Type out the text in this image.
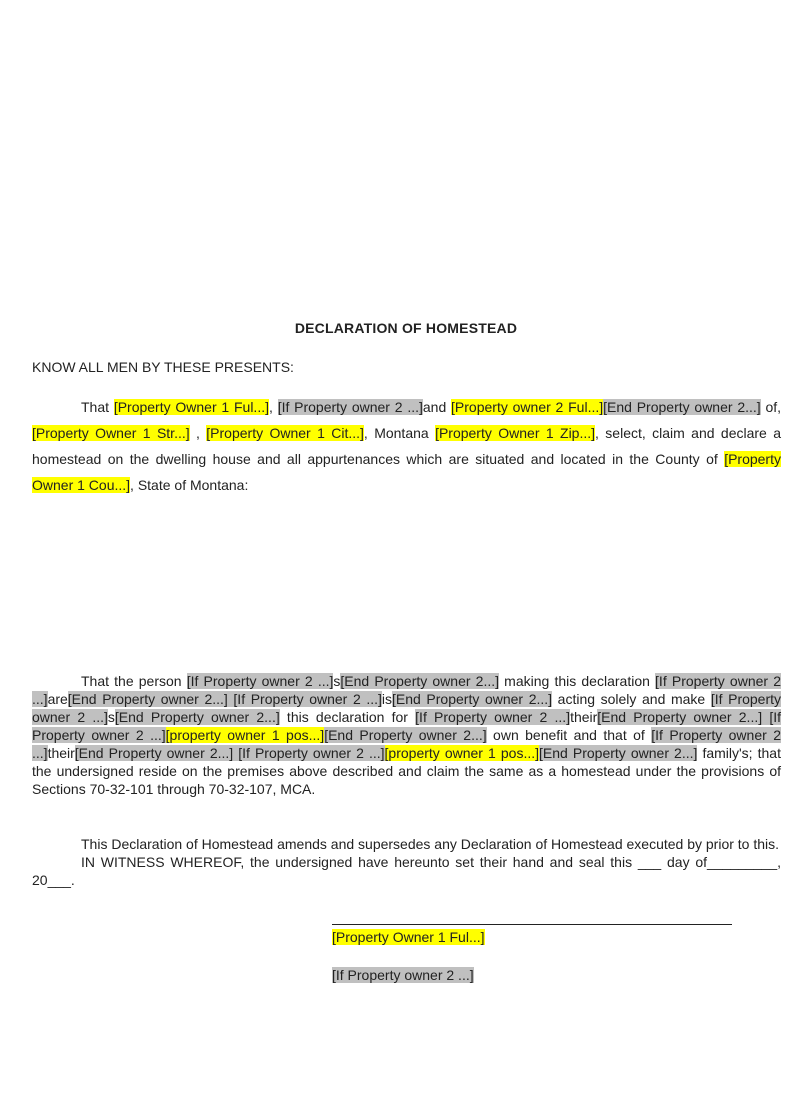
DECLARATION OF HOMESTEAD
KNOW ALL MEN BY THESE PRESENTS:
That [Property Owner 1 Ful...], [If Property owner 2 ...]and [Property owner 2 Ful...][End Property owner 2...] of,[Property Owner 1 Str...] , [Property Owner 1 Cit...], Montana [Property Owner 1 Zip...], select, claim and declare a homestead on the dwelling house and all appurtenances which are situated and located in the County of [Property Owner 1 Cou...], State of Montana:
That the person [If Property owner 2 ...]s[End Property owner 2...] making this declaration [If Property owner 2 ...]are[End Property owner 2...] [If Property owner 2 ...]is[End Property owner 2...] acting solely and make [If Property owner 2 ...]s[End Property owner 2...] this declaration for [If Property owner 2 ...]their[End Property owner 2...] [If Property owner 2 ...][property owner 1 pos...][End Property owner 2...] own benefit and that of [If Property owner 2 ...]their[End Property owner 2...] [If Property owner 2 ...][property owner 1 pos...][End Property owner 2...] family's; that the undersigned reside on the premises above described and claim the same as a homestead under the provisions of Sections 70-32-101 through 70-32-107, MCA.
This Declaration of Homestead amends and supersedes any Declaration of Homestead executed by prior to this.
IN WITNESS WHEREOF, the undersigned have hereunto set their hand and seal this ___ day of_________, 20___.
[Property Owner 1 Ful...]
[If Property owner 2 ...]
